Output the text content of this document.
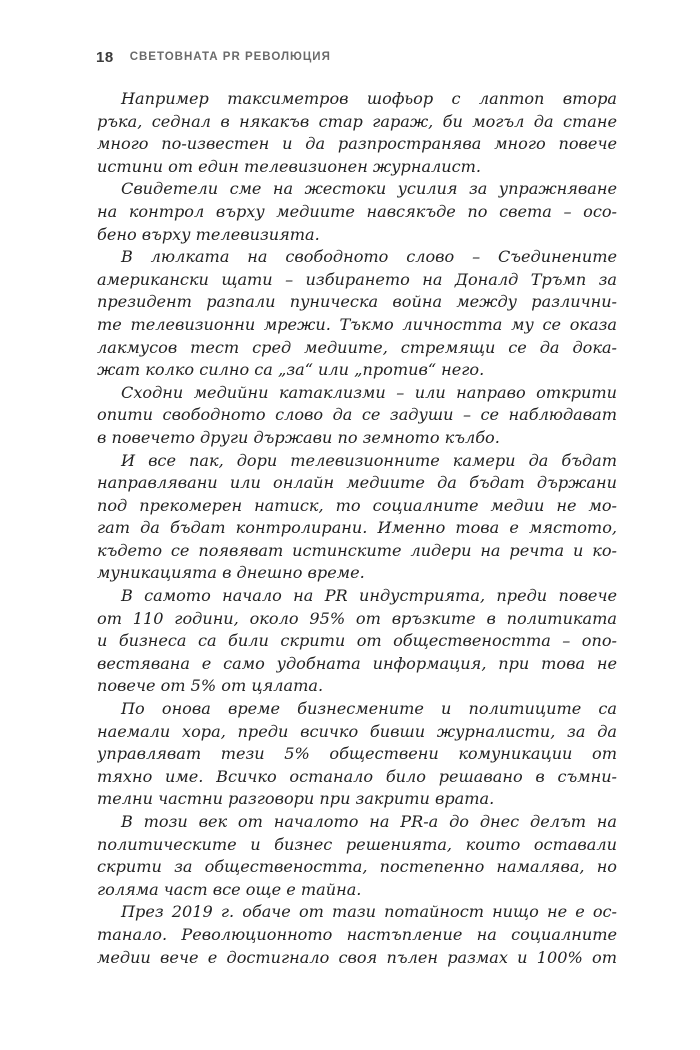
18 СВЕТОВНАТА PR РЕВОЛЮЦИЯ
Например таксиметров шофьор с лаптоп втора
ръка, седнал в някакъв стар гараж, би могъл да стане
много по-известен и да разпространява много повече
истини от един телевизионен журналист.
Свидетели сме на жестоки усилия за упражняване
на контрол върху медиите навсякъде по света – осо-
бено върху телевизията.
В люлката на свободното слово – Съединените
американски щати – избирането на Доналд Тръмп за
президент разпали пуническа война между различни-
те телевизионни мрежи. Тъкмо личността му се оказа
лакмусов тест сред медиите, стремящи се да дока-
жат колко силно са „за“ или „против“ него.
Сходни медийни катаклизми – или направо открити
опити свободното слово да се задуши – се наблюдават
в повечето други държави по земното кълбо.
И все пак, дори телевизионните камери да бъдат
направлявани или онлайн медиите да бъдат държани
под прекомерен натиск, то социалните медии не мо-
гат да бъдат контролирани. Именно това е мястото,
където се появяват истинските лидери на речта и ко-
муникацията в днешно време.
В самото начало на PR индустрията, преди повече
от 110 години, около 95% от връзките в политиката
и бизнеса са били скрити от обществеността – опо-
вестявана е само удобната информация, при това не
повече от 5% от цялата.
По онова време бизнесмените и политиците са
наемали хора, преди всичко бивши журналисти, за да
управляват тези 5% обществени комуникации от
тяхно име. Всичко останало било решавано в съмни-
телни частни разговори при закрити врата.
В този век от началото на PR-а до днес делът на
политическите и бизнес решенията, които оставали
скрити за обществеността, постепенно намалява, но
голяма част все още е тайна.
През 2019 г. обаче от тази потайност нищо не е ос-
танало. Революционното настъпление на социалните
медии вече е достигнало своя пълен размах и 100% от
